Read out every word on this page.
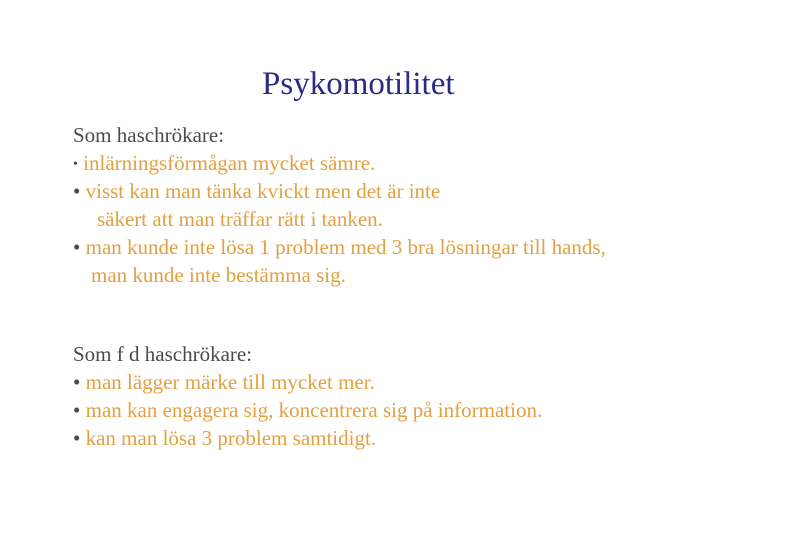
Psykomotilitet
Som haschrökare:
• inlärningsförmågan mycket sämre.
• visst kan man tänka kvickt men det är inte
säkert att man träffar rätt i tanken.
• man kunde inte lösa 1 problem med 3 bra lösningar till hands,
man kunde inte bestämma sig.
Som f d haschrökare:
• man lägger märke till mycket mer.
• man kan engagera sig, koncentrera sig på information.
• kan man lösa 3 problem samtidigt.
